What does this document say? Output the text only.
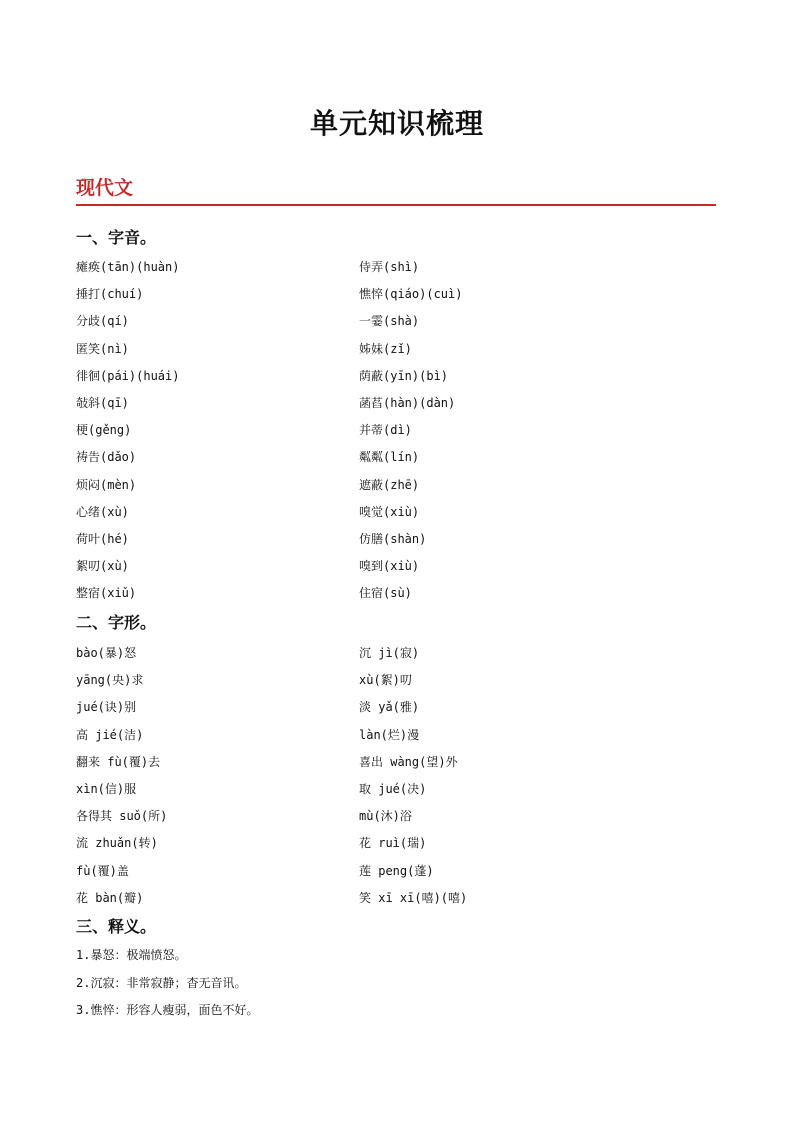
单元知识梳理
现代文
一、字音。
瘫痪(tān)(huàn)	侍弄(shì)
捶打(chuí)	憔悴(qiáo)(cuì)
分歧(qí)	一霎(shà)
匿笑(nì)	姊妹(zǐ)
徘徊(pái)(huái)	荫蔽(yīn)(bì)
敧斜(qī)	菡萏(hàn)(dàn)
梗(gěng)	并蒂(dì)
祷告(dǎo)	粼粼(lín)
烦闷(mèn)	遮蔽(zhē)
心绪(xù)	嗅觉(xiù)
荷叶(hé)	仿膳(shàn)
絮叨(xù)	嗅到(xiù)
整宿(xiǔ)	住宿(sù)
二、字形。
bào(暴)怒	沉 jì(寂)
yāng(央)求	xù(絮)叨
jué(诀)别	淡 yǎ(雅)
高 jié(洁)	làn(烂)漫
翻来 fù(覆)去	喜出 wàng(望)外
xìn(信)服	取 jué(决)
各得其 suǒ(所)	mù(沐)浴
流 zhuǎn(转)	花 ruì(瑞)
fù(覆)盖	莲 peng(蓬)
花 bàn(瓣)	笑 xī xī(嘻)(嘻)
三、释义。
1.暴怒：极端愤怒。
2.沉寂：非常寂静；杳无音讯。
3.憔悴：形容人瘦弱，面色不好。
